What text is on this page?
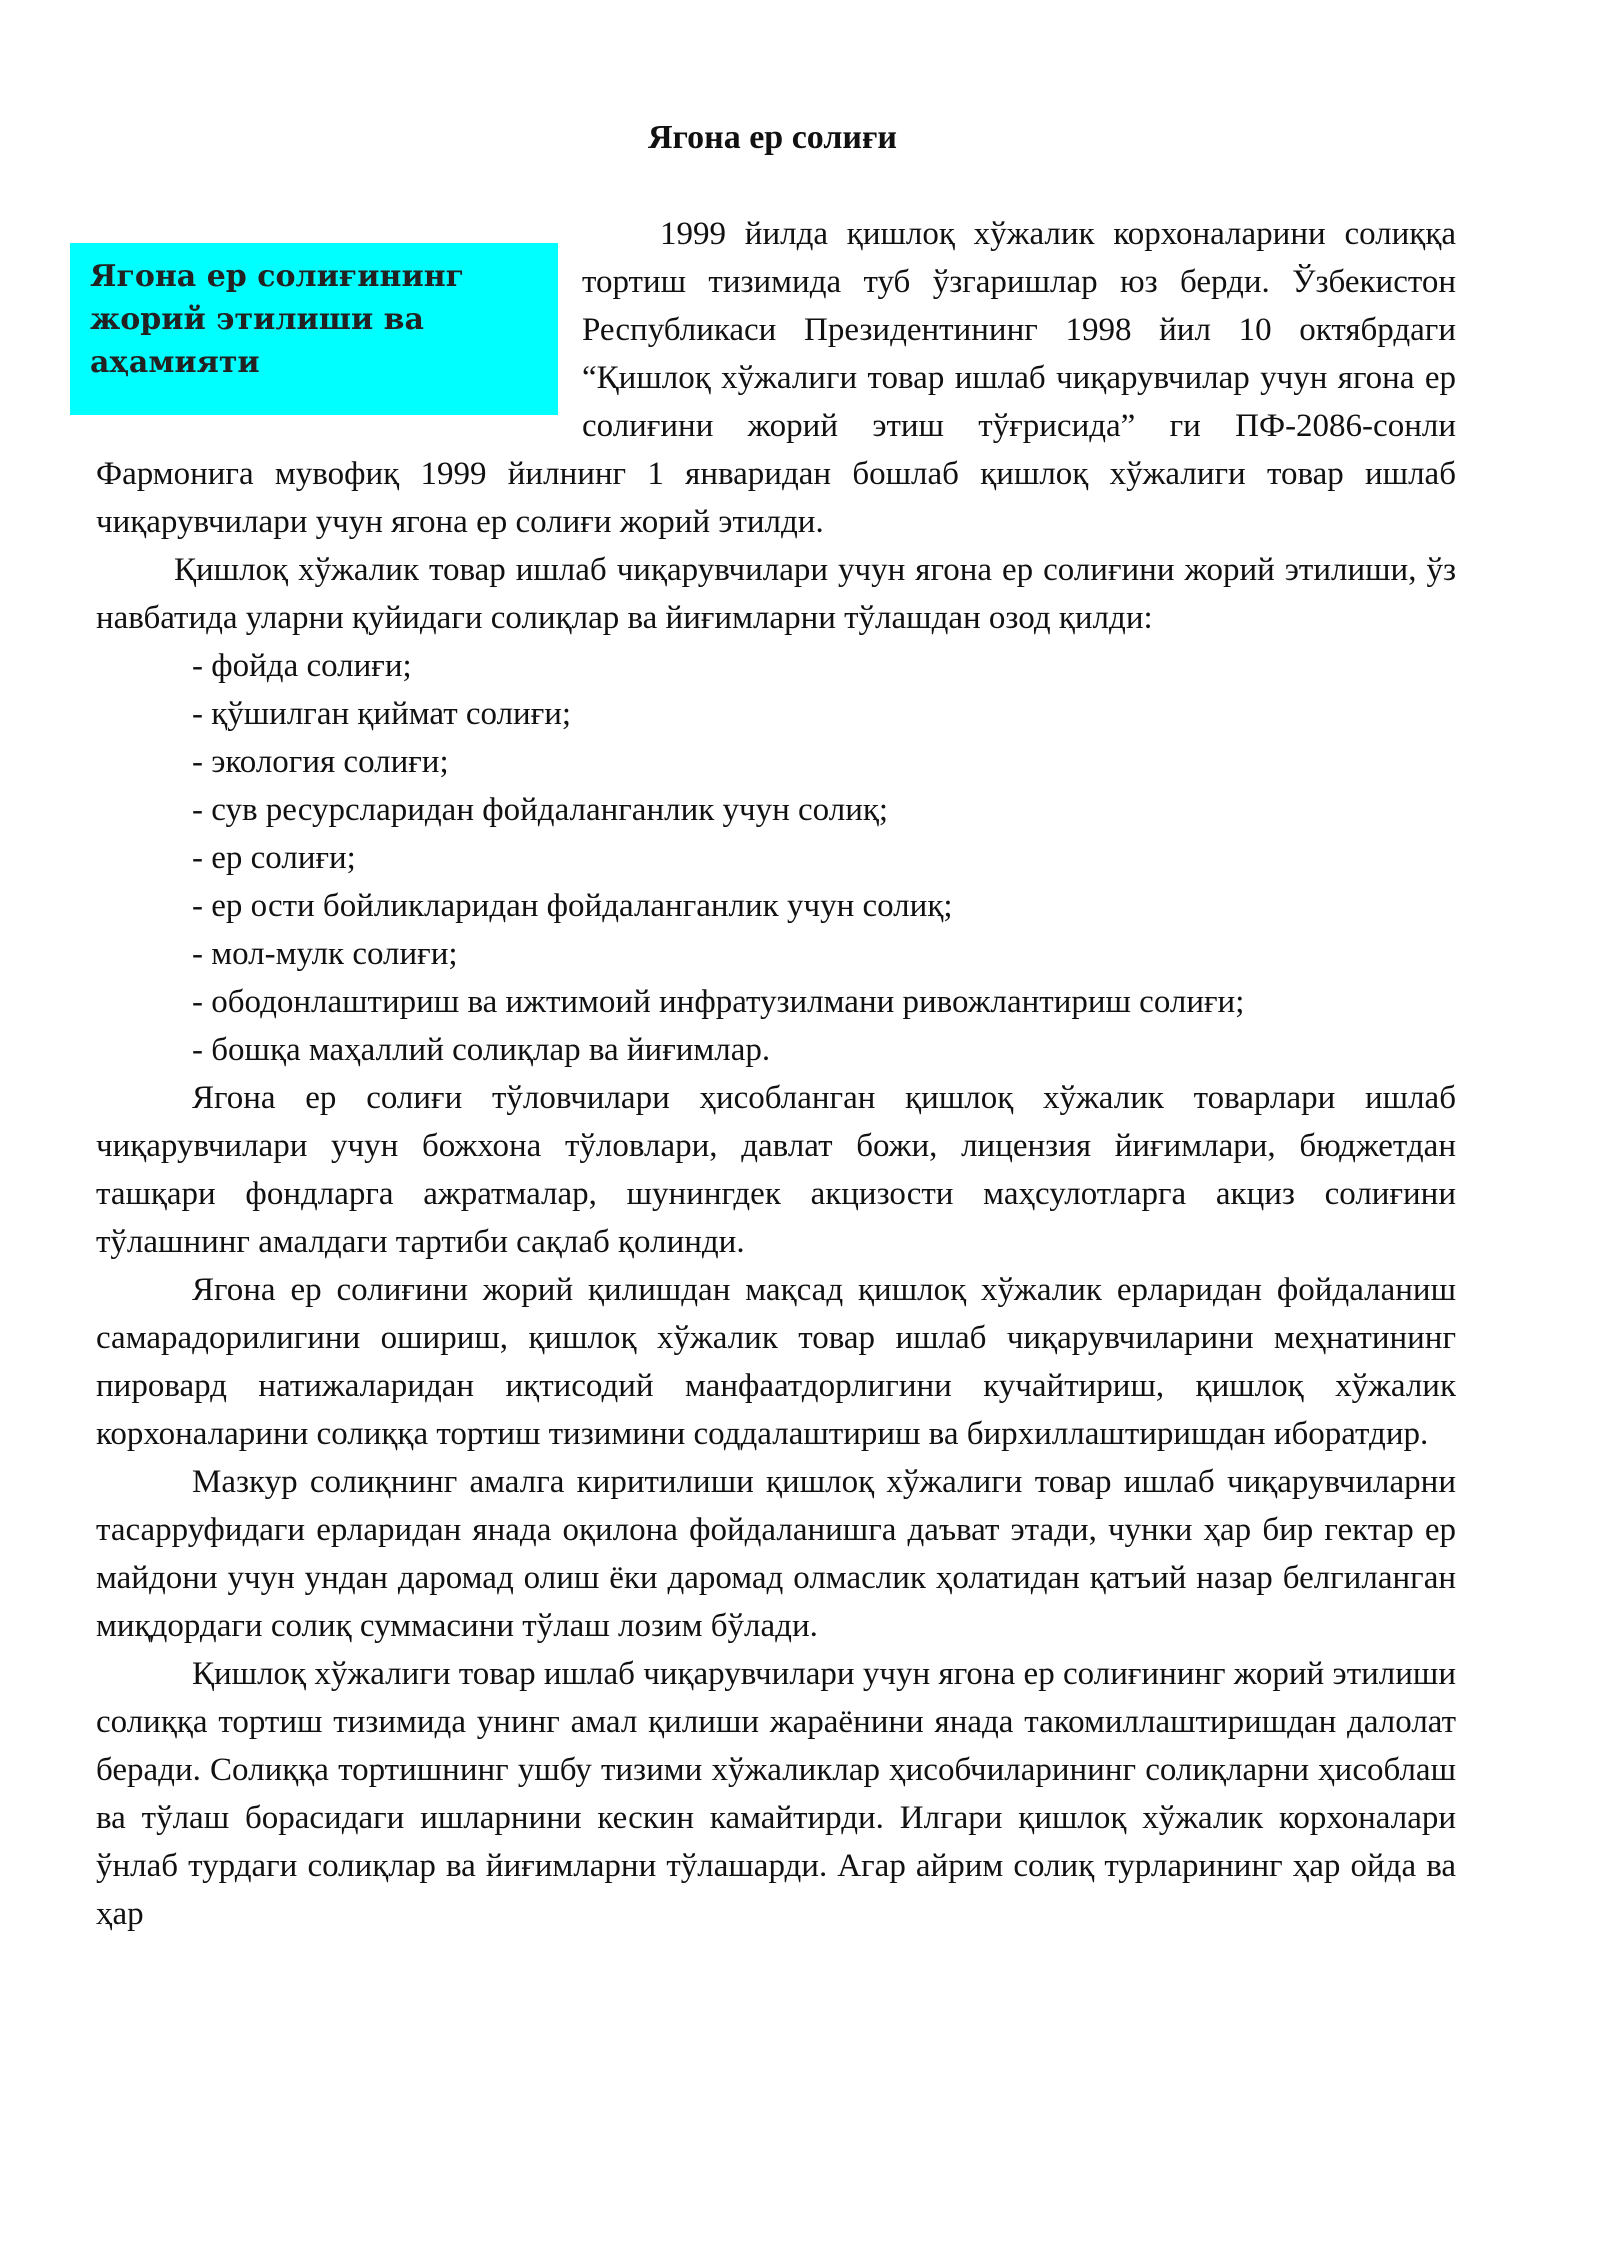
Ягона ер солиғи
Ягона ер солиғининг жорий этилиши ва аҳамияти

1999 йилда қишлоқ хўжалик корхоналарини солиққа тортиш тизимида туб ўзгаришлар юз берди. Ўзбекистон Республикаси Президентининг 1998 йил 10 октябрдаги “Қишлоқ хўжалиги товар ишлаб чиқарувчилар учун ягона ер солиғини жорий этиш тўғрисида” ги ПФ-2086-сонли Фармонига мувофиқ 1999 йилнинг 1 январидан бошлаб қишлоқ хўжалиги товар ишлаб чиқарувчилари учун ягона ер солиғи жорий этилди.

Қишлоқ хўжалик товар ишлаб чиқарувчилари учун ягона ер солиғини жорий этилиши, ўз навбатида уларни қуйидаги солиқлар ва йиғимларни тўлашдан озод қилди:

- фойда солиғи;
- қўшилган қиймат солиғи;
- экология солиғи;
- сув ресурсларидан фойдаланганлик учун солиқ;
- ер солиғи;
- ер ости бойликларидан фойдаланганлик учун солиқ;
- мол-мулк солиғи;
- ободонлаштириш ва ижтимоий инфратузилмани ривожлантириш солиғи;
- бошқа маҳаллий солиқлар ва йиғимлар.

Ягона ер солиғи тўловчилари ҳисобланган қишлоқ хўжалик товарлари ишлаб чиқарувчилари учун божхона тўловлари, давлат божи, лицензия йиғимлари, бюджетдан ташқари фондларга ажратмалар, шунингдек акцизости маҳсулотларга акциз солиғини тўлашнинг амалдаги тартиби сақлаб қолинди.

Ягона ер солиғини жорий қилишдан мақсад қишлоқ хўжалик ерларидан фойдаланиш самарадорилигини ошириш, қишлоқ хўжалик товар ишлаб чиқарувчиларини меҳнатининг пировард натижаларидан иқтисодий манфаатдорлигини кучайтириш, қишлоқ хўжалик корхоналарини солиққа тортиш тизимини соддалаштириш ва бирхиллаштиришдан иборатдир.

Мазкур солиқнинг амалга киритилиши қишлоқ хўжалиги товар ишлаб чиқарувчиларни тасарруфидаги ерларидан янада оқилона фойдаланишга даъват этади, чунки ҳар бир гектар ер майдони учун ундан даромад олиш ёки даромад олмаслик ҳолатидан қатъий назар белгиланган миқдордаги солиқ суммасини тўлаш лозим бўлади.

Қишлоқ хўжалиги товар ишлаб чиқарувчилари учун ягона ер солиғининг жорий этилиши солиққа тортиш тизимида унинг амал қилиши жараёнини янада такомиллаштиришдан далолат беради. Солиққа тортишнинг ушбу тизими хўжаликлар ҳисобчиларининг солиқларни ҳисоблаш ва тўлаш борасидаги ишларнини кескин камайтирди. Илгари қишлоқ хўжалик корхоналари ўнлаб турдаги солиқлар ва йиғимларни тўлашарди. Агар айрим солиқ турларининг ҳар ойда ва ҳар
